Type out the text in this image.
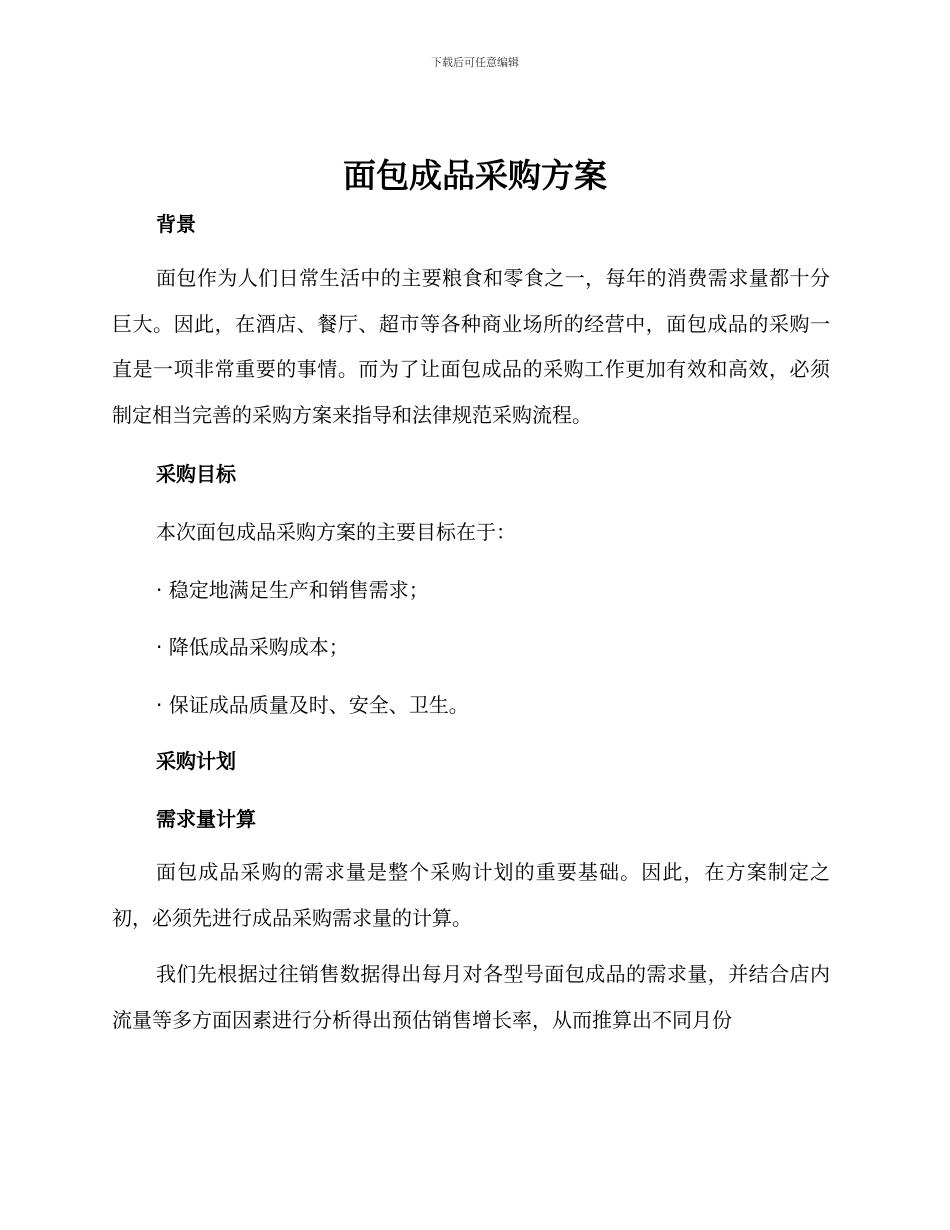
下载后可任意编辑
面包成品采购方案
背景

面包作为人们日常生活中的主要粮食和零食之一，每年的消费需求量都十分巨大。因此，在酒店、餐厅、超市等各种商业场所的经营中，面包成品的采购一直是一项非常重要的事情。而为了让面包成品的采购工作更加有效和高效，必须制定相当完善的采购方案来指导和法律规范采购流程。

采购目标

本次面包成品采购方案的主要目标在于：

· 稳定地满足生产和销售需求；

· 降低成品采购成本；

· 保证成品质量及时、安全、卫生。

采购计划
需求量计算

面包成品采购的需求量是整个采购计划的重要基础。因此，在方案制定之初，必须先进行成品采购需求量的计算。

我们先根据过往销售数据得出每月对各型号面包成品的需求量，并结合店内流量等多方面因素进行分析得出预估销售增长率，从而推算出不同月份
